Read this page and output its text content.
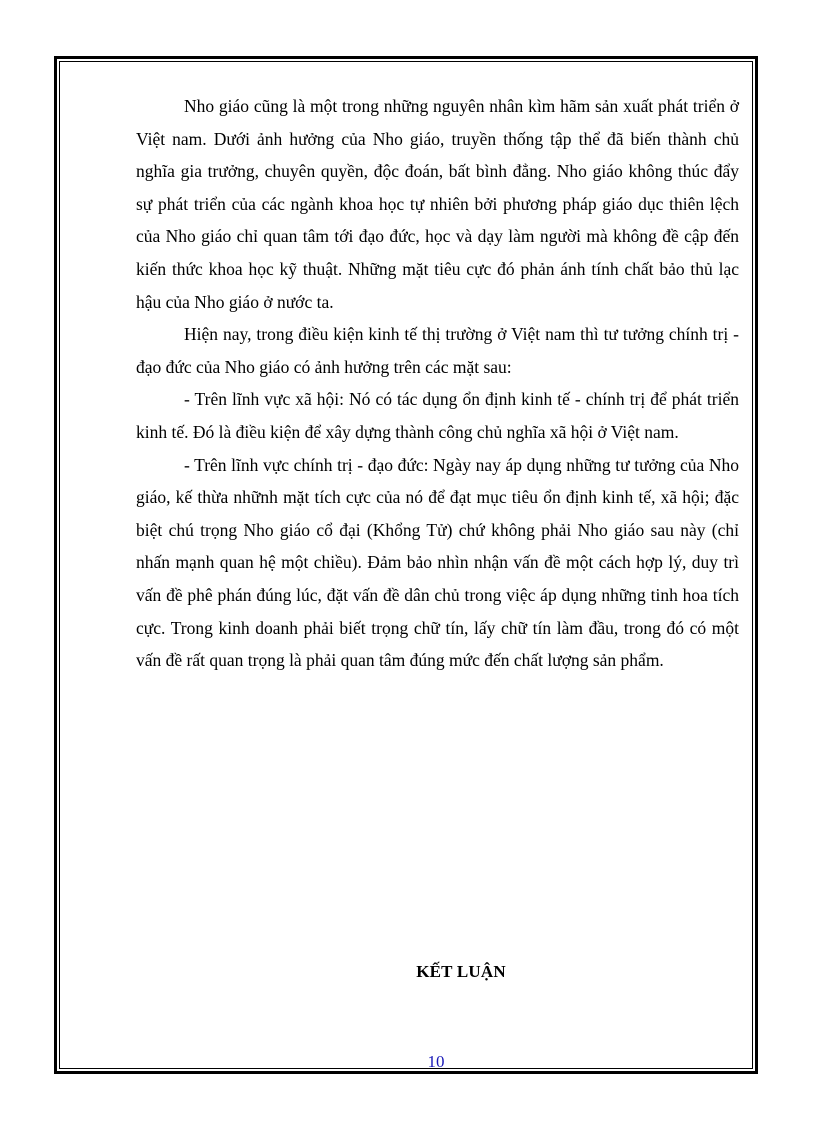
Nho giáo cũng là một trong những nguyên nhân kìm hãm sản xuất phát triển ở Việt nam. Dưới ảnh hưởng của Nho giáo, truyền thống tập thể đã biến thành chủ nghĩa gia trưởng, chuyên quyền, độc đoán, bất bình đẳng. Nho giáo không thúc đẩy sự phát triển của các ngành khoa học tự nhiên bởi phương pháp giáo dục thiên lệch của Nho giáo chỉ quan tâm tới đạo đức, học và dạy làm người mà không đề cập đến kiến thức khoa học kỹ thuật. Những mặt tiêu cực đó phản ánh tính chất bảo thủ lạc hậu của Nho giáo ở nước ta.

Hiện nay, trong điều kiện kinh tế thị trường ở Việt nam thì tư tưởng chính trị - đạo đức của Nho giáo có ảnh hưởng trên các mặt sau:

- Trên lĩnh vực xã hội: Nó có tác dụng ổn định kinh tế - chính trị để phát triển kinh tế. Đó là điều kiện để xây dựng thành công chủ nghĩa xã hội ở Việt nam.

- Trên lĩnh vực chính trị - đạo đức: Ngày nay áp dụng những tư tưởng của Nho giáo, kế thừa nhữnh mặt tích cực của nó để đạt mục tiêu ổn định kinh tế, xã hội; đặc biệt chú trọng Nho giáo cổ đại (Khổng Tử) chứ không phải Nho giáo sau này (chỉ nhấn mạnh quan hệ một chiều). Đảm bảo nhìn nhận vấn đề một cách hợp lý, duy trì vấn đề phê phán đúng lúc, đặt vấn đề dân chủ trong việc áp dụng những tinh hoa tích cực. Trong kinh doanh phải biết trọng chữ tín, lấy chữ tín làm đầu, trong đó có một vấn đề rất quan trọng là phải quan tâm đúng mức đến chất lượng sản phẩm.

KẾT LUẬN
10
